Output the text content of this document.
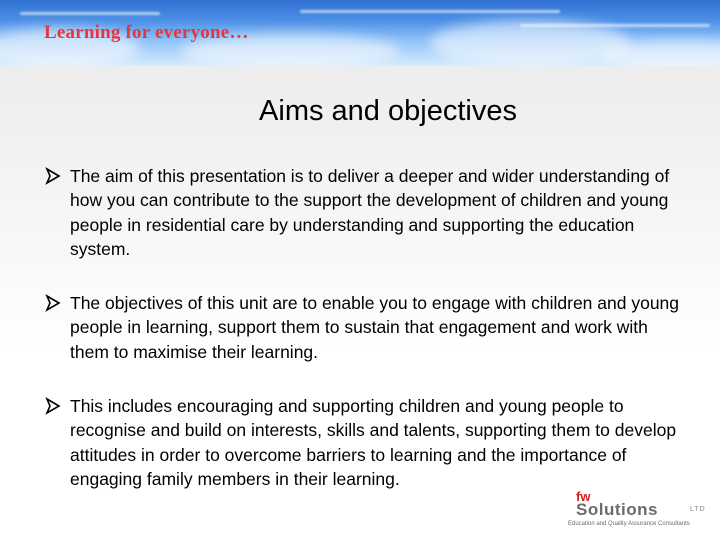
Learning for everyone…
Aims and objectives
The aim of this presentation is to deliver a deeper and wider understanding of how you can contribute to the support the development of children and young people in residential care by understanding and supporting the education system.
The objectives of this unit are to enable you to engage with children and young people in learning, support them to sustain that engagement and work with them to maximise their learning.
This includes encouraging and supporting children and young people to recognise and build on interests, skills and talents, supporting them to develop attitudes in order to overcome barriers to learning and the importance of engaging family members in their learning.
fw
Solutions	LTD
Education and Quality Assurance Consultants
